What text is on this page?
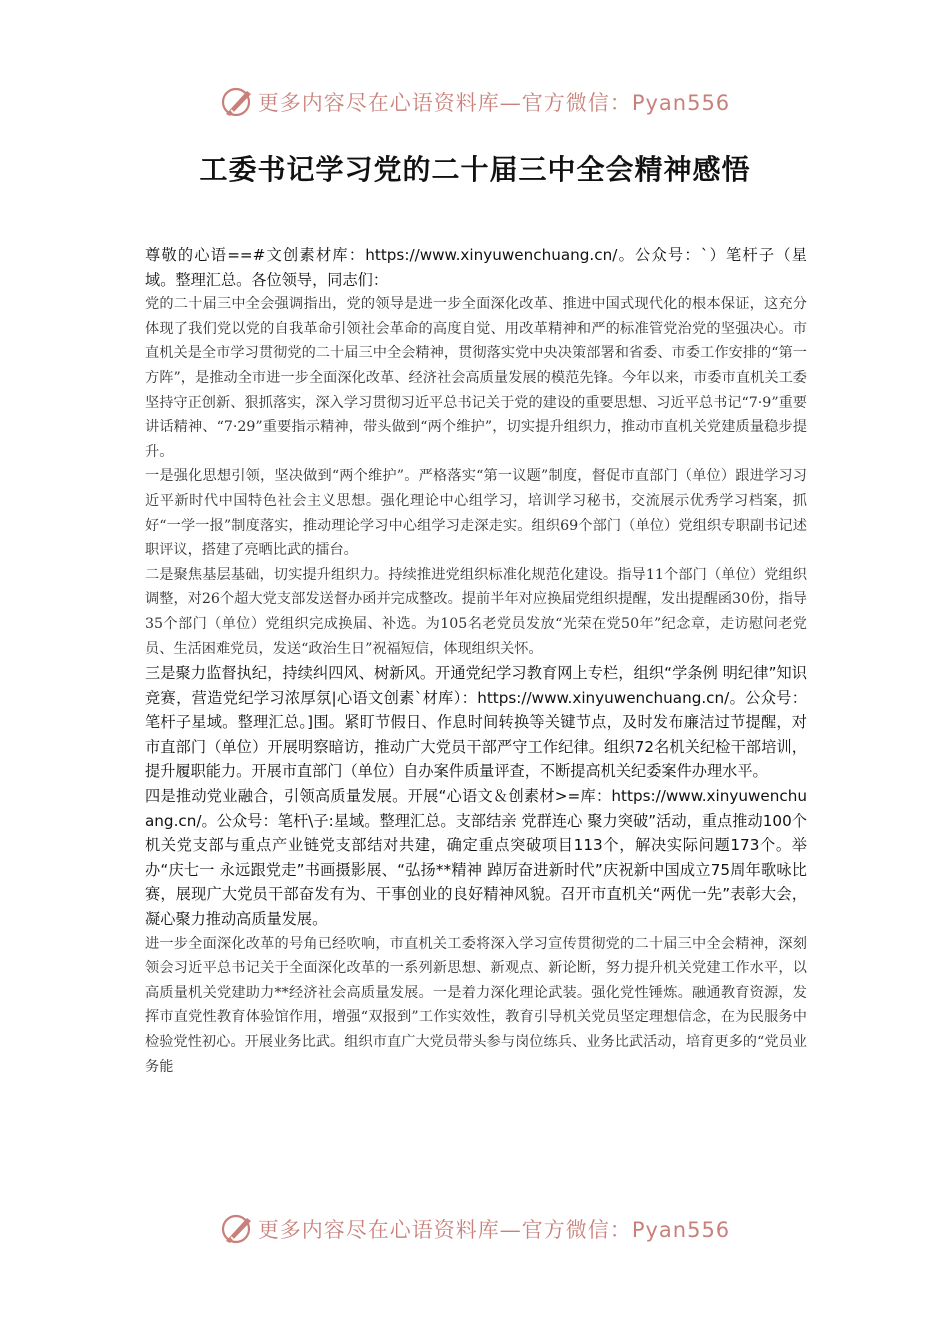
更多内容尽在心语资料库—官方微信：Pyan556
工委书记学习党的二十届三中全会精神感悟

尊敬的心语==#文创素材库：https://www.xinyuwenchuang.cn/。公众号：`）笔杆子（星域。整理汇总。各位领导，同志们：

党的二十届三中全会强调指出，党的领导是进一步全面深化改革、推进中国式现代化的根本保证，这充分体现了我们党以党的自我革命引领社会革命的高度自觉、用改革精神和严的标准管党治党的坚强决心。市直机关是全市学习贯彻党的二十届三中全会精神，贯彻落实党中央决策部署和省委、市委工作安排的“第一方阵”，是推动全市进一步全面深化改革、经济社会高质量发展的模范先锋。今年以来，市委市直机关工委坚持守正创新、狠抓落实，深入学习贯彻习近平总书记关于党的建设的重要思想、习近平总书记“7·9”重要讲话精神、“7·29”重要指示精神，带头做到“两个维护”，切实提升组织力，推动市直机关党建质量稳步提升。

一是强化思想引领，坚决做到“两个维护”。严格落实“第一议题”制度，督促市直部门（单位）跟进学习习近平新时代中国特色社会主义思想。强化理论中心组学习，培训学习秘书，交流展示优秀学习档案，抓好“一学一报”制度落实，推动理论学习中心组学习走深走实。组织69个部门（单位）党组织专职副书记述职评议，搭建了亮晒比武的擂台。

二是聚焦基层基础，切实提升组织力。持续推进党组织标准化规范化建设。指导11个部门（单位）党组织调整，对26个超大党支部发送督办函并完成整改。提前半年对应换届党组织提醒，发出提醒函30份，指导35个部门（单位）党组织完成换届、补选。为105名老党员发放“光荣在党50年”纪念章，走访慰问老党员、生活困难党员，发送“政治生日”祝福短信，体现组织关怀。

三是聚力监督执纪，持续纠四风、树新风。开通党纪学习教育网上专栏，组织“学条例 明纪律”知识竞赛，营造党纪学习浓厚氛|心语文创素`材库）：https://www.xinyuwenchuang.cn/。公众号：笔杆子星域。整理汇总。]围。紧盯节假日、作息时间转换等关键节点，及时发布廉洁过节提醒，对市直部门（单位）开展明察暗访，推动广大党员干部严守工作纪律。组织72名机关纪检干部培训，提升履职能力。开展市直部门（单位）自办案件质量评查，不断提高机关纪委案件办理水平。

四是推动党业融合，引领高质量发展。开展“心语文＆创素材>=库：https://www.xinyuwenchuang.cn/。公众号：笔杆\子:星域。整理汇总。支部结亲 党群连心 聚力突破”活动，重点推动100个机关党支部与重点产业链党支部结对共建，确定重点突破项目113个，解决实际问题173个。举办“庆七一 永远跟党走”书画摄影展、“弘扬**精神 踔厉奋进新时代”庆祝新中国成立75周年歌咏比赛，展现广大党员干部奋发有为、干事创业的良好精神风貌。召开市直机关“两优一先”表彰大会，凝心聚力推动高质量发展。

进一步全面深化改革的号角已经吹响，市直机关工委将深入学习宣传贯彻党的二十届三中全会精神，深刻领会习近平总书记关于全面深化改革的一系列新思想、新观点、新论断，努力提升机关党建工作水平，以高质量机关党建助力**经济社会高质量发展。一是着力深化理论武装。强化党性锤炼。融通教育资源，发挥市直党性教育体验馆作用，增强“双报到”工作实效性，教育引导机关党员坚定理想信念，在为民服务中检验党性初心。开展业务比武。组织市直广大党员带头参与岗位练兵、业务比武活动，培育更多的“党员业务能

更多内容尽在心语资料库—官方微信：Pyan556
